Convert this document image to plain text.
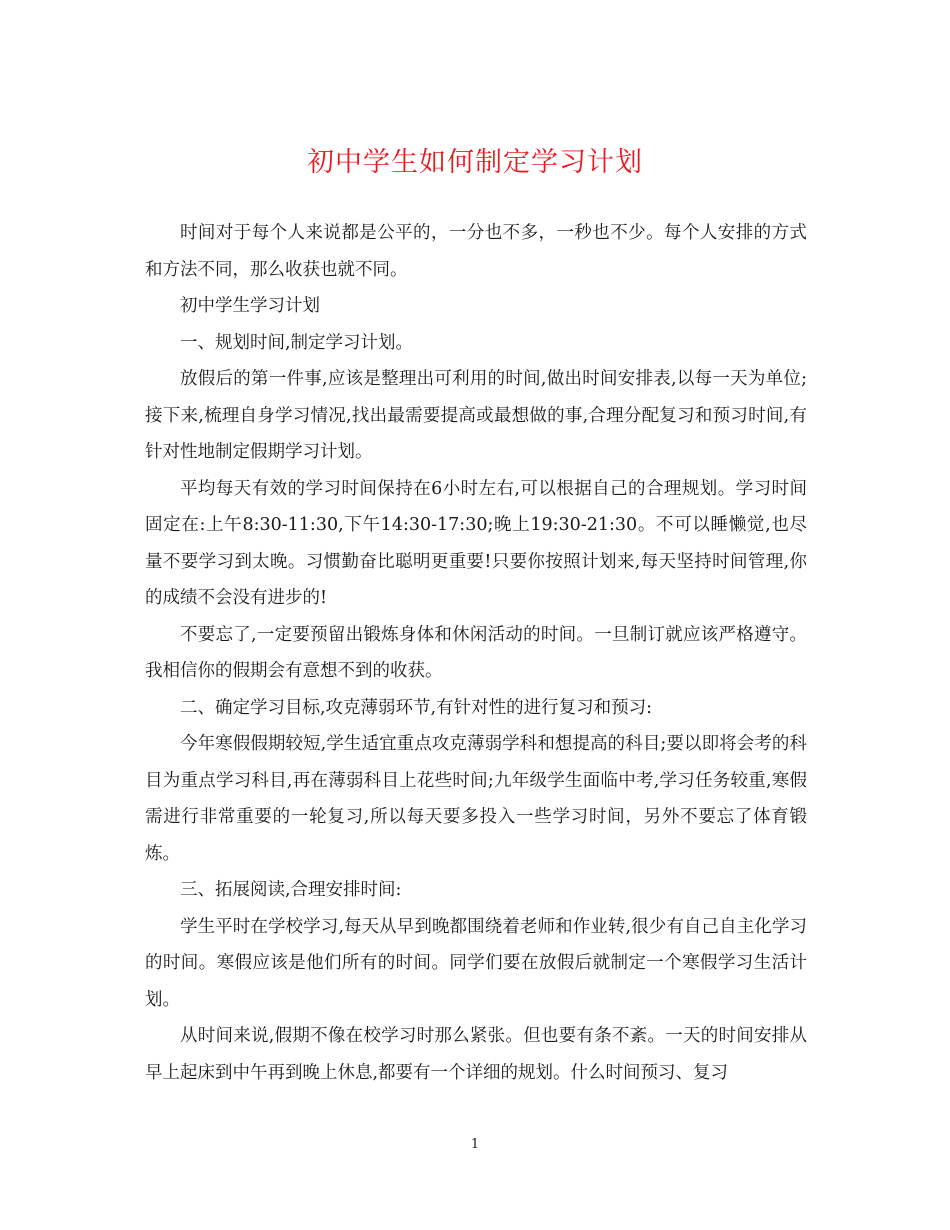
初中学生如何制定学习计划

时间对于每个人来说都是公平的，一分也不多，一秒也不少。每个人安排的方式和方法不同，那么收获也就不同。

初中学生学习计划

一、规划时间,制定学习计划。

放假后的第一件事,应该是整理出可利用的时间,做出时间安排表,以每一天为单位;接下来,梳理自身学习情况,找出最需要提高或最想做的事,合理分配复习和预习时间,有针对性地制定假期学习计划。

平均每天有效的学习时间保持在6小时左右,可以根据自己的合理规划。学习时间固定在:上午8:30-11:30,下午14:30-17:30;晚上19:30-21:30。不可以睡懒觉,也尽量不要学习到太晚。习惯勤奋比聪明更重要!只要你按照计划来,每天坚持时间管理,你的成绩不会没有进步的!

不要忘了,一定要预留出锻炼身体和休闲活动的时间。一旦制订就应该严格遵守。我相信你的假期会有意想不到的收获。

二、确定学习目标,攻克薄弱环节,有针对性的进行复习和预习:

今年寒假假期较短,学生适宜重点攻克薄弱学科和想提高的科目;要以即将会考的科目为重点学习科目,再在薄弱科目上花些时间;九年级学生面临中考,学习任务较重,寒假需进行非常重要的一轮复习,所以每天要多投入一些学习时间，另外不要忘了体育锻炼。

三、拓展阅读,合理安排时间:

学生平时在学校学习,每天从早到晚都围绕着老师和作业转,很少有自己自主化学习的时间。寒假应该是他们所有的时间。同学们要在放假后就制定一个寒假学习生活计划。

从时间来说,假期不像在校学习时那么紧张。但也要有条不紊。一天的时间安排从早上起床到中午再到晚上休息,都要有一个详细的规划。什么时间预习、复习

1
